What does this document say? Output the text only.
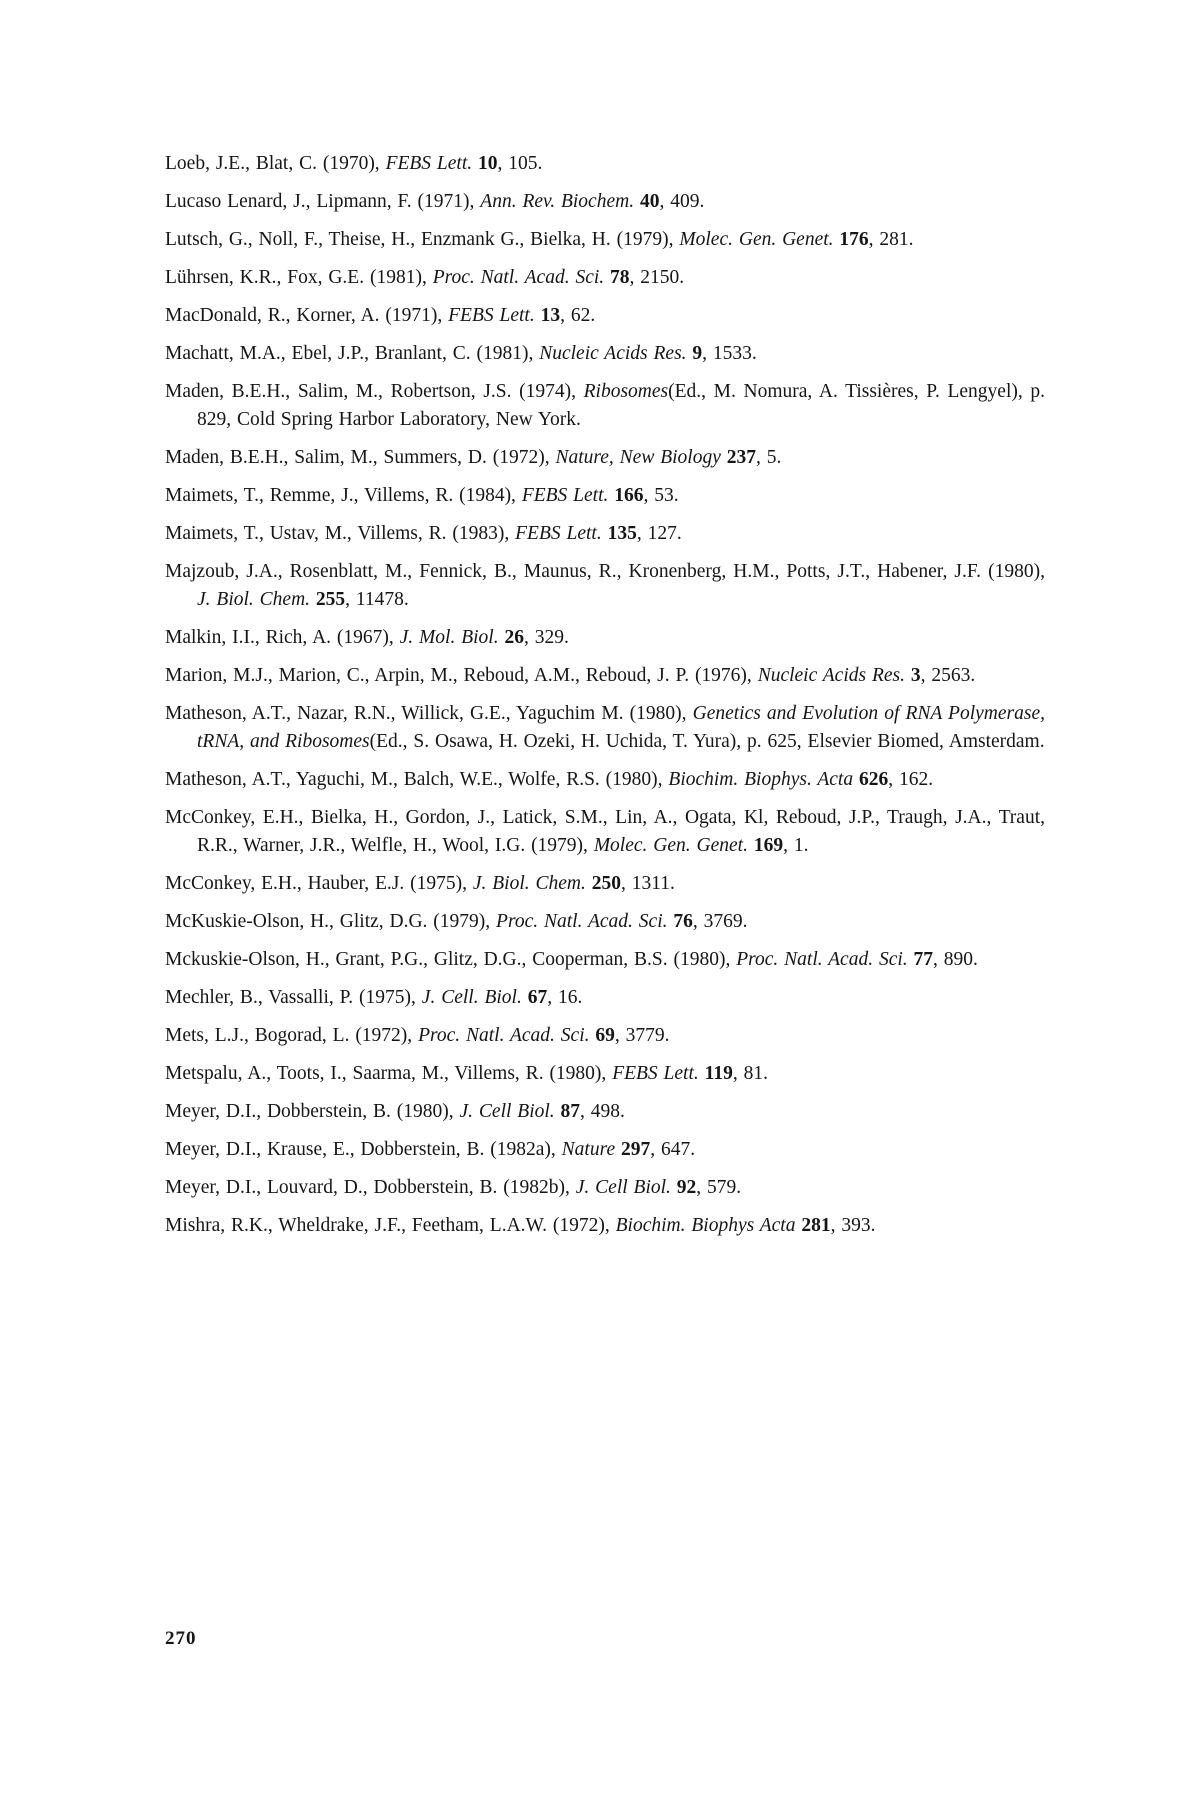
Loeb, J.E., Blat, C. (1970), FEBS Lett. 10, 105.

Lucaso Lenard, J., Lipmann, F. (1971), Ann. Rev. Biochem. 40, 409.

Lutsch, G., Noll, F., Theise, H., Enzmank G., Bielka, H. (1979), Molec. Gen. Genet. 176, 281.

Lührsen, K.R., Fox, G.E. (1981), Proc. Natl. Acad. Sci. 78, 2150.

MacDonald, R., Korner, A. (1971), FEBS Lett. 13, 62.

Machatt, M.A., Ebel, J.P., Branlant, C. (1981), Nucleic Acids Res. 9, 1533.

Maden, B.E.H., Salim, M., Robertson, J.S. (1974), Ribosomes(Ed., M. Nomura, A. Tissières, P. Lengyel), p. 829, Cold Spring Harbor Laboratory, New York.

Maden, B.E.H., Salim, M., Summers, D. (1972), Nature, New Biology 237, 5.

Maimets, T., Remme, J., Villems, R. (1984), FEBS Lett. 166, 53.

Maimets, T., Ustav, M., Villems, R. (1983), FEBS Lett. 135, 127.

Majzoub, J.A., Rosenblatt, M., Fennick, B., Maunus, R., Kronenberg, H.M., Potts, J.T., Habener, J.F. (1980), J. Biol. Chem. 255, 11478.

Malkin, I.I., Rich, A. (1967), J. Mol. Biol. 26, 329.

Marion, M.J., Marion, C., Arpin, M., Reboud, A.M., Reboud, J. P. (1976), Nucleic Acids Res. 3, 2563.

Matheson, A.T., Nazar, R.N., Willick, G.E., Yaguchim M. (1980), Genetics and Evolution of RNA Polymerase, tRNA, and Ribosomes(Ed., S. Osawa, H. Ozeki, H. Uchida, T. Yura), p. 625, Elsevier Biomed, Amsterdam.

Matheson, A.T., Yaguchi, M., Balch, W.E., Wolfe, R.S. (1980), Biochim. Biophys. Acta 626, 162.

McConkey, E.H., Bielka, H., Gordon, J., Latick, S.M., Lin, A., Ogata, Kl, Reboud, J.P., Traugh, J.A., Traut, R.R., Warner, J.R., Welfle, H., Wool, I.G. (1979), Molec. Gen. Genet. 169, 1.

McConkey, E.H., Hauber, E.J. (1975), J. Biol. Chem. 250, 1311.

McKuskie-Olson, H., Glitz, D.G. (1979), Proc. Natl. Acad. Sci. 76, 3769.

Mckuskie-Olson, H., Grant, P.G., Glitz, D.G., Cooperman, B.S. (1980), Proc. Natl. Acad. Sci. 77, 890.

Mechler, B., Vassalli, P. (1975), J. Cell. Biol. 67, 16.

Mets, L.J., Bogorad, L. (1972), Proc. Natl. Acad. Sci. 69, 3779.

Metspalu, A., Toots, I., Saarma, M., Villems, R. (1980), FEBS Lett. 119, 81.

Meyer, D.I., Dobberstein, B. (1980), J. Cell Biol. 87, 498.

Meyer, D.I., Krause, E., Dobberstein, B. (1982a), Nature 297, 647.

Meyer, D.I., Louvard, D., Dobberstein, B. (1982b), J. Cell Biol. 92, 579.

Mishra, R.K., Wheldrake, J.F., Feetham, L.A.W. (1972), Biochim. Biophys Acta 281, 393.

270
